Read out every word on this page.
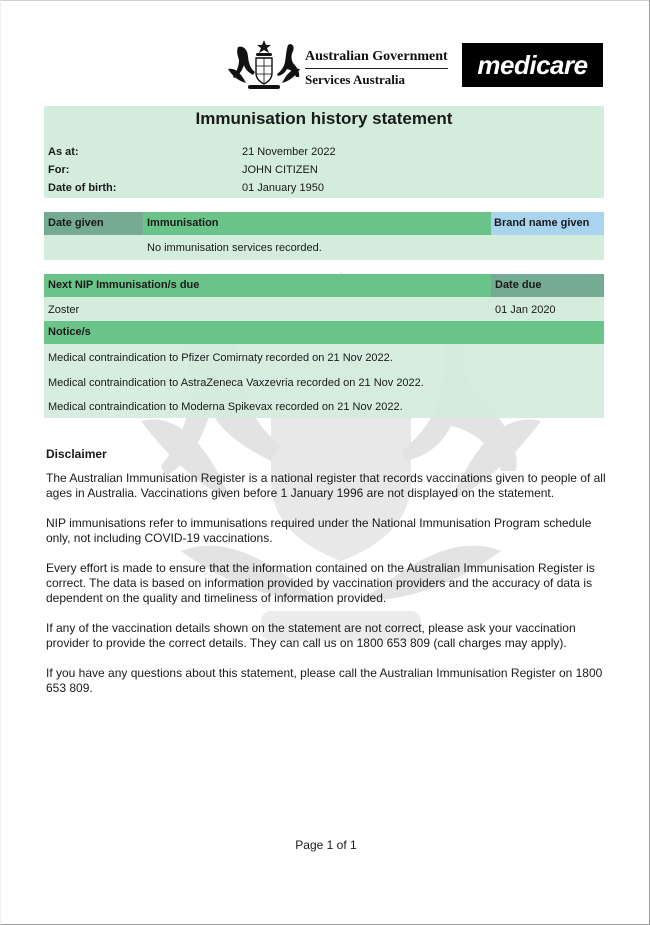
Australian Government
Services Australia	medicare
Immunisation history statement
As at:	21 November 2022
For:	JOHN CITIZEN
Date of birth:	01 January 1950
Date given	Immunisation	Brand name given
No immunisation services recorded.
Next NIP Immunisation/s due	Date due
Zoster	01 Jan 2020
Notice/s
Medical contraindication to Pfizer Comirnaty recorded on 21 Nov 2022.
Medical contraindication to AstraZeneca Vaxzevria recorded on 21 Nov 2022.
Medical contraindication to Moderna Spikevax recorded on 21 Nov 2022.
Disclaimer

The Australian Immunisation Register is a national register that records vaccinations given to people of all ages in Australia. Vaccinations given before 1 January 1996 are not displayed on the statement.

NIP immunisations refer to immunisations required under the National Immunisation Program schedule only, not including COVID-19 vaccinations.

Every effort is made to ensure that the information contained on the Australian Immunisation Register is correct. The data is based on information provided by vaccination providers and the accuracy of data is dependent on the quality and timeliness of information provided.

If any of the vaccination details shown on the statement are not correct, please ask your vaccination provider to provide the correct details. They can call us on 1800 653 809 (call charges may apply).

If you have any questions about this statement, please call the Australian Immunisation Register on 1800 653 809.

Page 1 of 1
